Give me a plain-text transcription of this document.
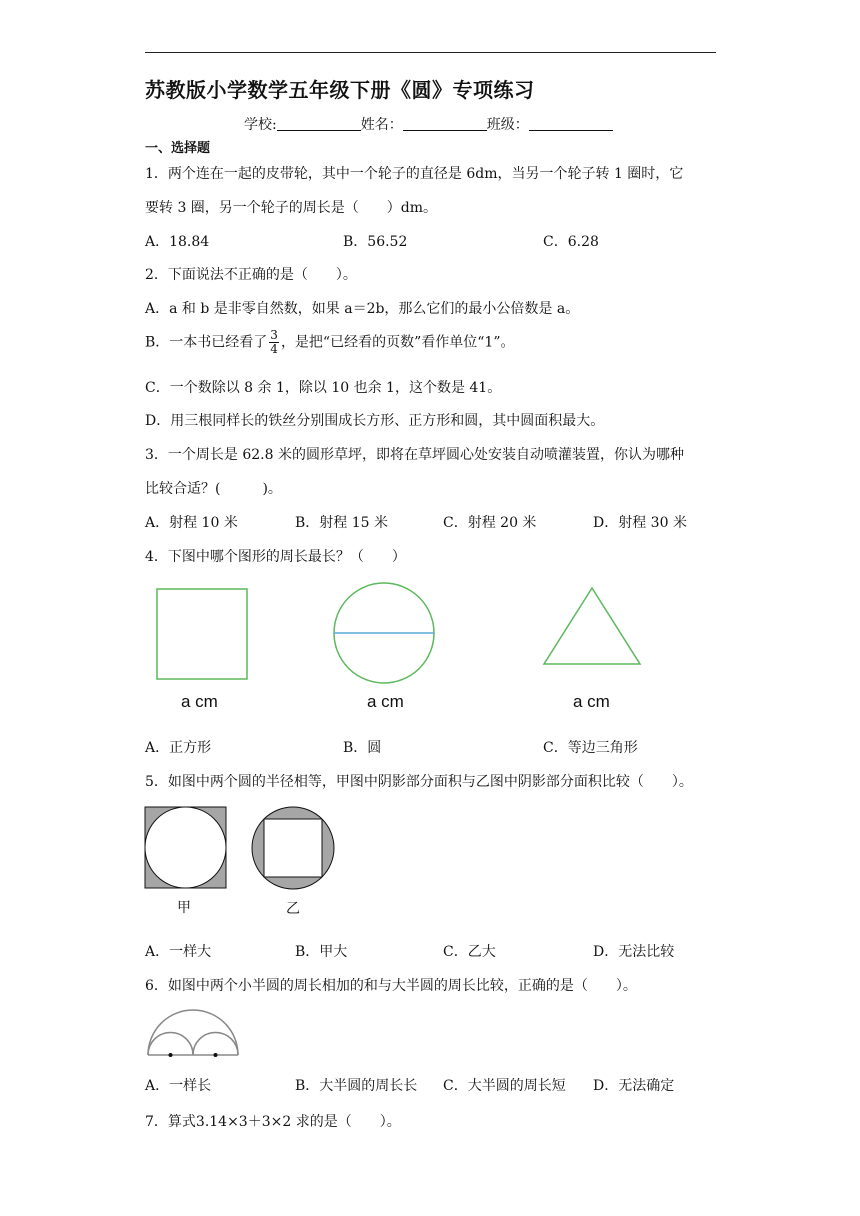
苏教版小学数学五年级下册《圆》专项练习
学校:	姓名：	班级：
一、选择题
1．两个连在一起的皮带轮，其中一个轮子的直径是 6dm，当另一个轮子转 1 圈时，它
要转 3 圈，另一个轮子的周长是（　　）dm。
A．18.84	B．56.52	C．6.28
2．下面说法不正确的是（　　）。
A．a 和 b 是非零自然数，如果 a＝2b，那么它们的最小公倍数是 a。
B．一本书已经看了 $\frac{3}{4}$ ，是把“已经看的页数”看作单位“1”。
C．一个数除以 8 余 1，除以 10 也余 1，这个数是 41。
D．用三根同样长的铁丝分别围成长方形、正方形和圆，其中圆面积最大。
3．一个周长是 62.8 米的圆形草坪，即将在草坪圆心处安装自动喷灌装置，你认为哪种
比较合适？(　　　)。
A．射程 10 米	B．射程 15 米	C．射程 20 米	D．射程 30 米
4．下图中哪个图形的周长最长？（　　）
a cm	a cm	a cm
A．正方形	B．圆	C．等边三角形
5．如图中两个圆的半径相等，甲图中阴影部分面积与乙图中阴影部分面积比较（　　）。
甲	乙
A．一样大	B．甲大	C．乙大	D．无法比较
6．如图中两个小半圆的周长相加的和与大半圆的周长比较，正确的是（　　）。
A．一样长	B．大半圆的周长长 C．大半圆的周长短 D．无法确定
7．算式3.14×3＋3×2 求的是（　　）。
